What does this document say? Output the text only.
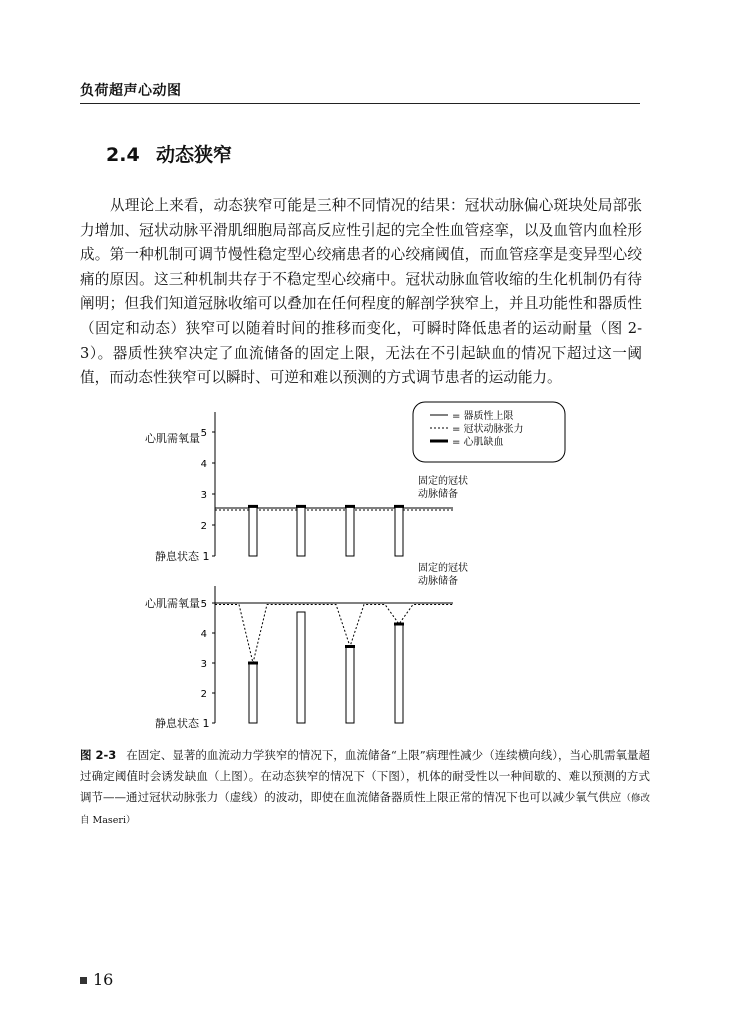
负荷超声心动图
2.4 动态狭窄
从理论上来看，动态狭窄可能是三种不同情况的结果：冠状动脉偏心斑块处局部张力增加、冠状动脉平滑肌细胞局部高反应性引起的完全性血管痉挛，以及血管内血栓形成。第一种机制可调节慢性稳定型心绞痛患者的心绞痛阈值，而血管痉挛是变异型心绞痛的原因。这三种机制共存于不稳定型心绞痛中。冠状动脉血管收缩的生化机制仍有待阐明；但我们知道冠脉收缩可以叠加在任何程度的解剖学狭窄上，并且功能性和器质性（固定和动态）狭窄可以随着时间的推移而变化，可瞬时降低患者的运动耐量（图 2-3）。器质性狭窄决定了血流储备的固定上限，无法在不引起缺血的情况下超过这一阈值，而动态性狭窄可以瞬时、可逆和难以预测的方式调节患者的运动能力。
= 器质性上限
= 冠状动脉张力
= 心肌缺血
2
3
4
5
静息状态 1
心肌需氧量
固定的冠状
动脉储备
2
3
4
5
静息状态 1
心肌需氧量
固定的冠状
动脉储备
图 2-3 在固定、显著的血流动力学狭窄的情况下，血流储备“上限”病理性减少（连续横向线），当心肌需氧量超过确定阈值时会诱发缺血（上图）。在动态狭窄的情况下（下图），机体的耐受性以一种间歇的、难以预测的方式调节——通过冠状动脉张力（虚线）的波动，即使在血流储备器质性上限正常的情况下也可以减少氧气供应（修改自 Maseri）
16
